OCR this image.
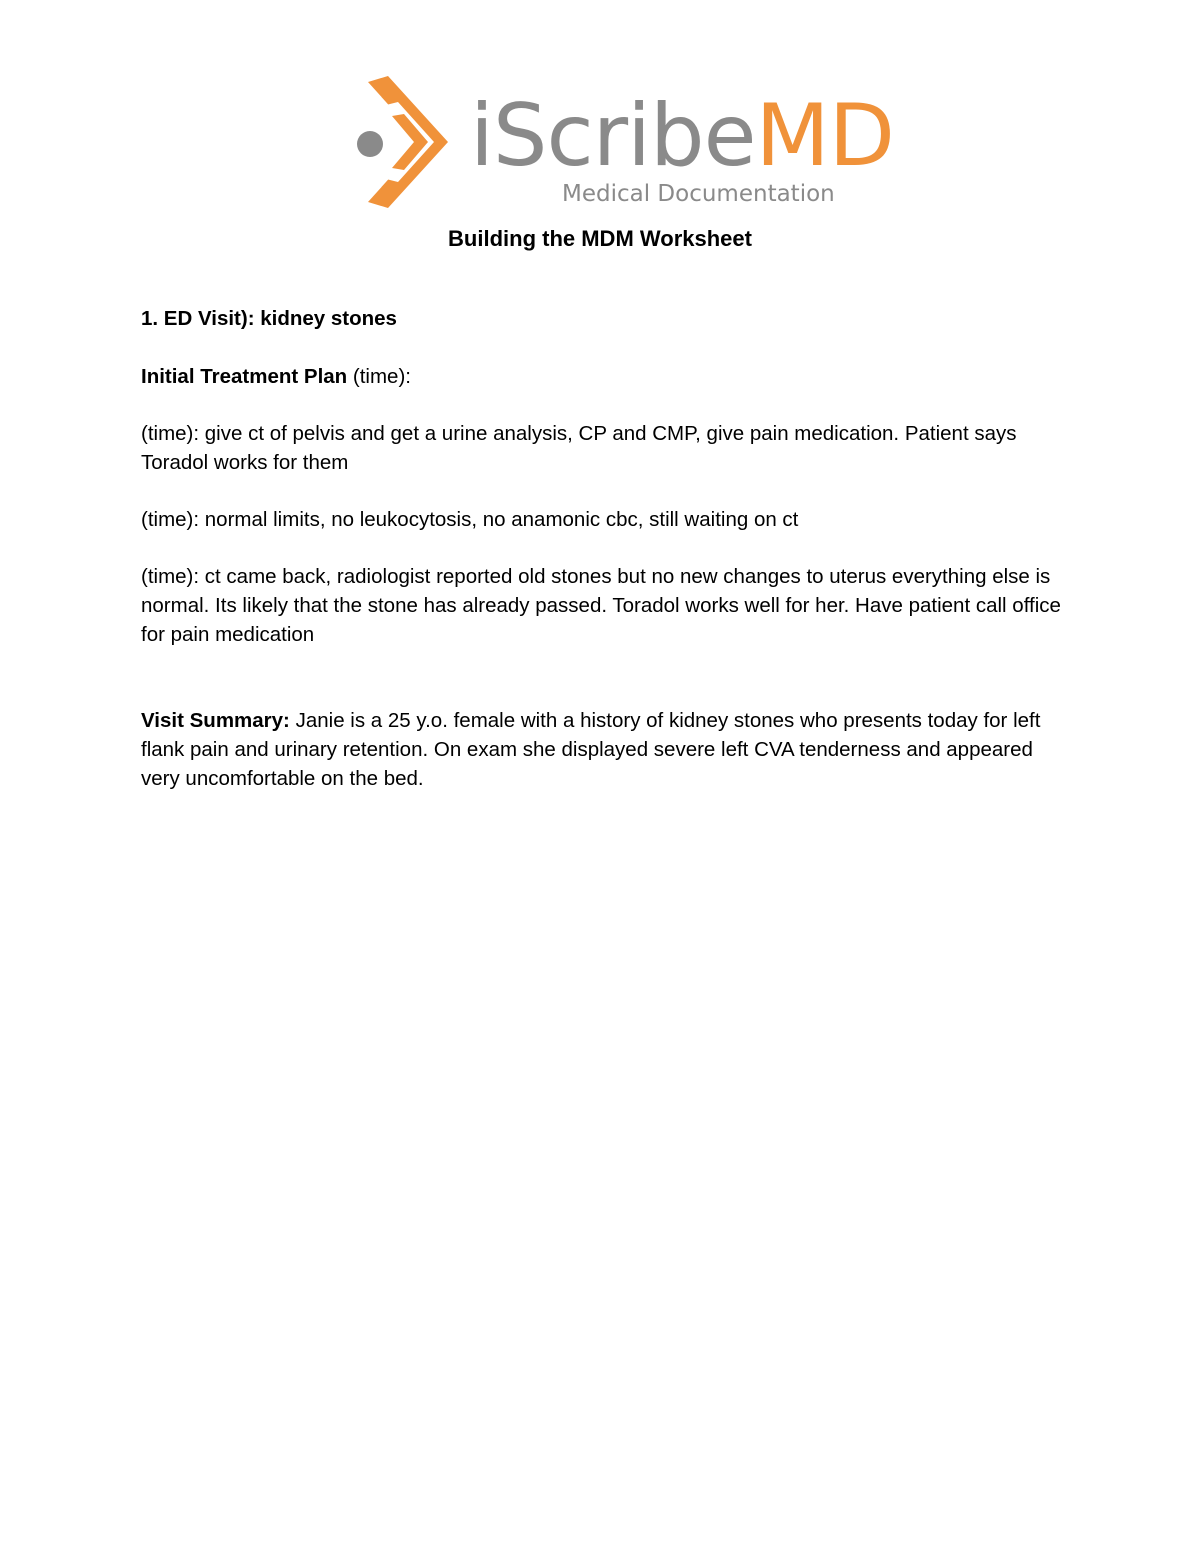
iScribeMD
Medical Documentation
Building the MDM Worksheet

1. ED Visit): kidney stones

Initial Treatment Plan (time):

(time): give ct of pelvis and get a urine analysis, CP and CMP, give pain medication. Patient says Toradol works for them

(time): normal limits, no leukocytosis, no anamonic cbc, still waiting on ct

(time): ct came back, radiologist reported old stones but no new changes to uterus everything else is normal. Its likely that the stone has already passed. Toradol works well for her. Have patient call office for pain medication

Visit Summary: Janie is a 25 y.o. female with a history of kidney stones who presents today for left flank pain and urinary retention. On exam she displayed severe left CVA tenderness and appeared very uncomfortable on the bed.
